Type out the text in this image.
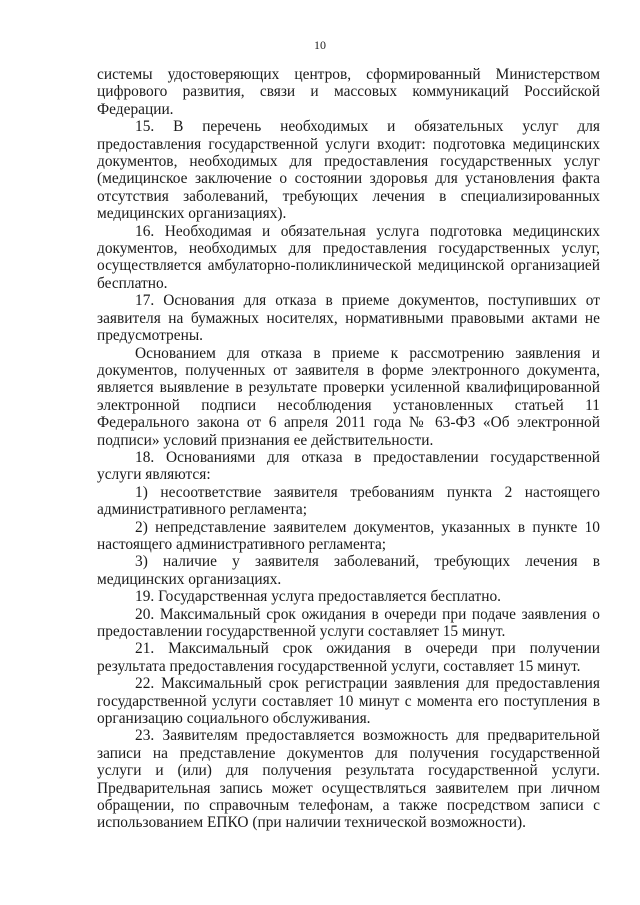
10

системы удостоверяющих центров, сформированный Министерством цифрового развития, связи и массовых коммуникаций Российской Федерации.

15. В перечень необходимых и обязательных услуг для предоставления государственной услуги входит: подготовка медицинских документов, необходимых для предоставления государственных услуг (медицинское заключение о состоянии здоровья для установления факта отсутствия заболеваний, требующих лечения в специализированных медицинских организациях).

16. Необходимая и обязательная услуга подготовка медицинских документов, необходимых для предоставления государственных услуг, осуществляется амбулаторно-поликлинической медицинской организацией бесплатно.

17. Основания для отказа в приеме документов, поступивших от заявителя на бумажных носителях, нормативными правовыми актами не предусмотрены.

Основанием для отказа в приеме к рассмотрению заявления и документов, полученных от заявителя в форме электронного документа, является выявление в результате проверки усиленной квалифицированной электронной подписи несоблюдения установленных статьей 11 Федерального закона от 6 апреля 2011 года № 63-ФЗ «Об электронной подписи» условий признания ее действительности.

18. Основаниями для отказа в предоставлении государственной услуги являются:

1) несоответствие заявителя требованиям пункта 2 настоящего административного регламента;

2) непредставление заявителем документов, указанных в пункте 10 настоящего административного регламента;

3) наличие у заявителя заболеваний, требующих лечения в медицинских организациях.

19. Государственная услуга предоставляется бесплатно.

20. Максимальный срок ожидания в очереди при подаче заявления о предоставлении государственной услуги составляет 15 минут.

21. Максимальный срок ожидания в очереди при получении результата предоставления государственной услуги, составляет 15 минут.

22. Максимальный срок регистрации заявления для предоставления государственной услуги составляет 10 минут с момента его поступления в организацию социального обслуживания.

23. Заявителям предоставляется возможность для предварительной записи на представление документов для получения государственной услуги и (или) для получения результата государственной услуги. Предварительная запись может осуществляться заявителем при личном обращении, по справочным телефонам, а также посредством записи с использованием ЕПКО (при наличии технической возможности).
